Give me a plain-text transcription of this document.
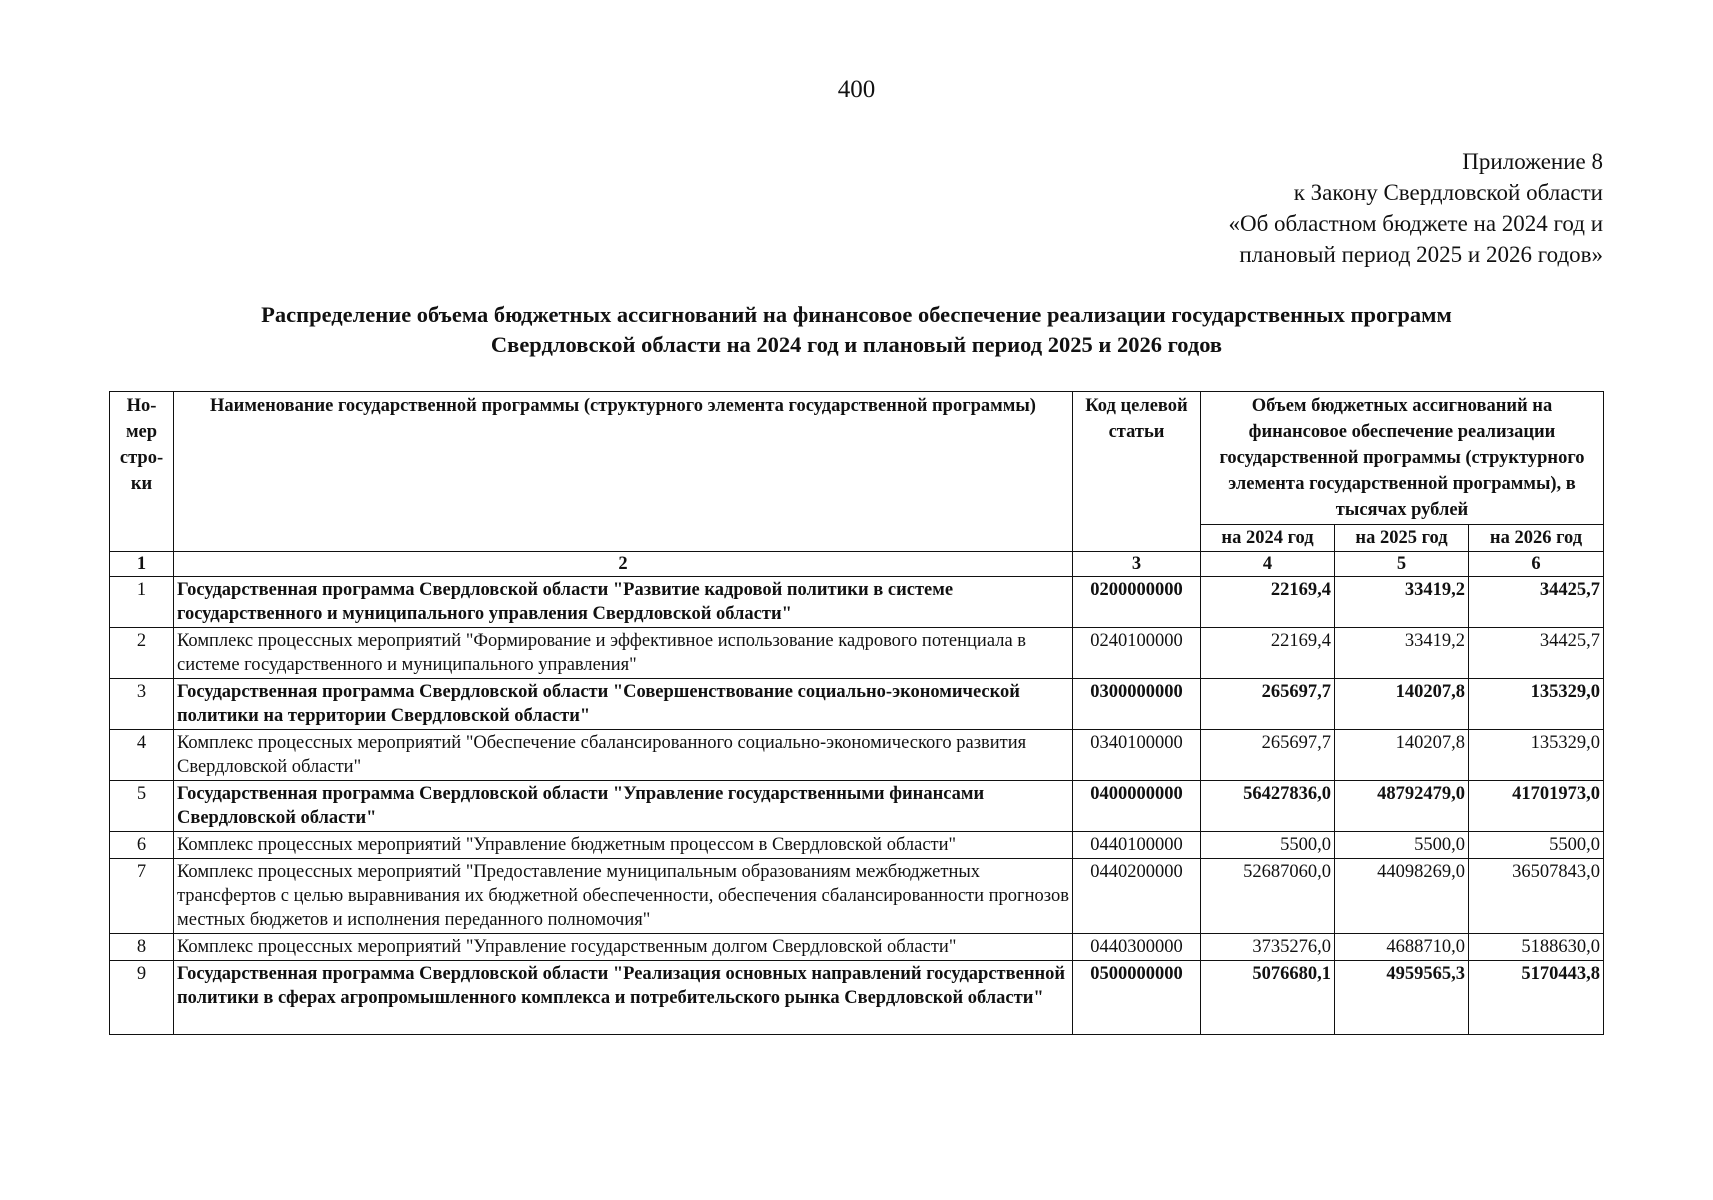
400
Приложение 8
к Закону Свердловской области
«Об областном бюджете на 2024 год и
плановый период 2025 и 2026 годов»
Распределение объема бюджетных ассигнований на финансовое обеспечение реализации государственных программ
Свердловской области на 2024 год и плановый период 2025 и 2026 годов
Но-мер стро-ки	Наименование государственной программы (структурного элемента государственной программы)	Код целевой статьи	Объем бюджетных ассигнований на финансовое обеспечение реализации государственной программы (структурного элемента государственной программы), в тысячах рублей		
			на 2024 год	на 2025 год	на 2026 год
1	2	3	4	5	6
1	Государственная программа Свердловской области "Развитие кадровой политики в системе государственного и муниципального управления Свердловской области"	0200000000	22169,4	33419,2	34425,7
2	Комплекс процессных мероприятий "Формирование и эффективное использование кадрового потенциала в системе государственного и муниципального управления"	0240100000	22169,4	33419,2	34425,7
3	Государственная программа Свердловской области "Совершенствование социально-экономической политики на территории Свердловской области"	0300000000	265697,7	140207,8	135329,0
4	Комплекс процессных мероприятий "Обеспечение сбалансированного социально-экономического развития Свердловской области"	0340100000	265697,7	140207,8	135329,0
5	Государственная программа Свердловской области "Управление государственными финансами Свердловской области"	0400000000	56427836,0	48792479,0	41701973,0
6	Комплекс процессных мероприятий "Управление бюджетным процессом в Свердловской области"	0440100000	5500,0	5500,0	5500,0
7	Комплекс процессных мероприятий "Предоставление муниципальным образованиям межбюджетных трансфертов с целью выравнивания их бюджетной обеспеченности, обеспечения сбалансированности прогнозов местных бюджетов и исполнения переданного полномочия"	0440200000	52687060,0	44098269,0	36507843,0
8	Комплекс процессных мероприятий "Управление государственным долгом Свердловской области"	0440300000	3735276,0	4688710,0	5188630,0
9	Государственная программа Свердловской области "Реализация основных направлений государственной политики в сферах агропромышленного комплекса и потребительского рынка Свердловской области"	0500000000	5076680,1	4959565,3	5170443,8
